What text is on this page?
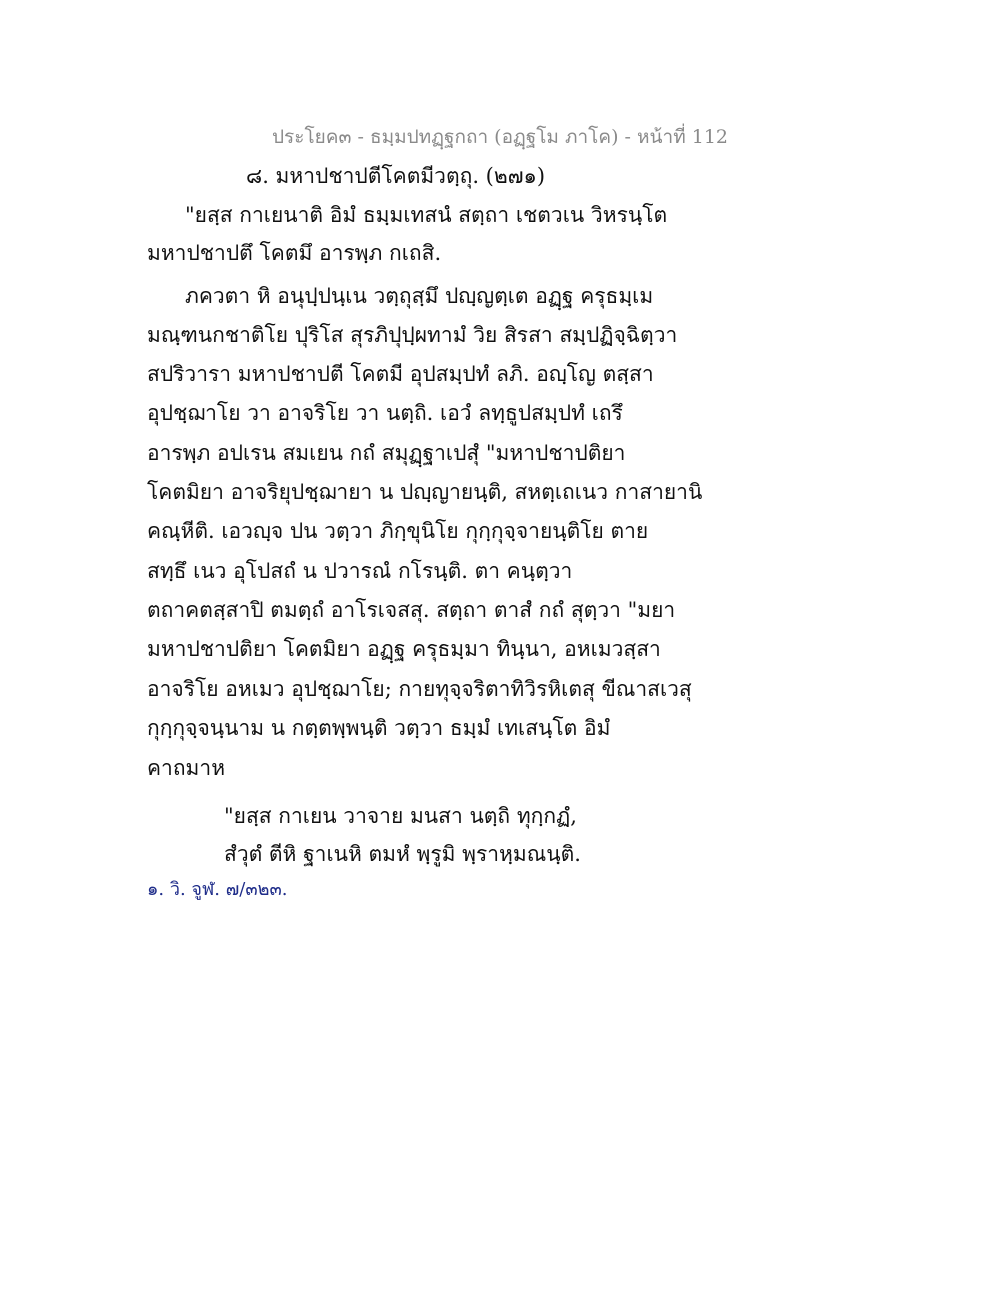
ประโยค๓ - ธมฺมปทฏฺฐกถา (อฏฺฐโม ภาโค) - หน้าที่ 112
๘. มหาปชาปตีโคตมีวตฺถุ. (๒๗๑)
"ยสฺส กาเยนาติ อิมํ ธมฺมเทสนํ สตฺถา เชตวเน วิหรนฺโต
มหาปชาปตึ โคตมึ อารพฺภ กเถสิ.
ภควตา หิ อนุปฺปนฺเน วตฺถุสฺมึ ปญฺญตฺเต อฏฺฐ ครุธมฺเม
มณฺฑนกชาติโย ปุริโส สุรภิปุปฺผทามํ วิย สิรสา สมฺปฏิจฺฉิตฺวา
สปริวารา มหาปชาปตี โคตมี อุปสมฺปทํ ลภิ. อญฺโญ ตสฺสา
อุปชฺฌาโย วา อาจริโย วา นตฺถิ. เอวํ ลทฺธูปสมฺปทํ เถรึ
อารพฺภ อปเรน สมเยน กถํ สมุฏฺฐาเปสุํ "มหาปชาปติยา
โคตมิยา อาจริยุปชฺฌายา น ปญฺญายนฺติ, สหตฺเถเนว กาสายานิ
คณฺหีติ. เอวญฺจ ปน วตฺวา ภิกฺขุนิโย กุกฺกุจฺจายนฺติโย ตาย
สทฺธึ เนว อุโปสถํ น ปวารณํ กโรนฺติ. ตา คนฺตฺวา
ตถาคตสฺสาปิ ตมตฺถํ อาโรเจสสุ. สตฺถา ตาสํ กถํ สุตฺวา "มยา
มหาปชาปติยา โคตมิยา อฏฺฐ ครุธมฺมา ทินฺนา, อหเมวสฺสา
อาจริโย อหเมว อุปชฺฌาโย; กายทุจฺจริตาทิวิรหิเตสุ ขีณาสเวสุ
กุกฺกุจฺจนฺนาม น กตฺตพฺพนฺติ วตฺวา ธมฺมํ เทเสนฺโต อิมํ
คาถมาห
"ยสฺส กาเยน วาจาย มนสา นตฺถิ ทุกฺกฏํ,
สํวุตํ ตีหิ ฐาเนหิ ตมหํ พฺรูมิ พฺราหฺมณนฺติ.
๑. วิ. จูฬ. ๗/๓๒๓.
